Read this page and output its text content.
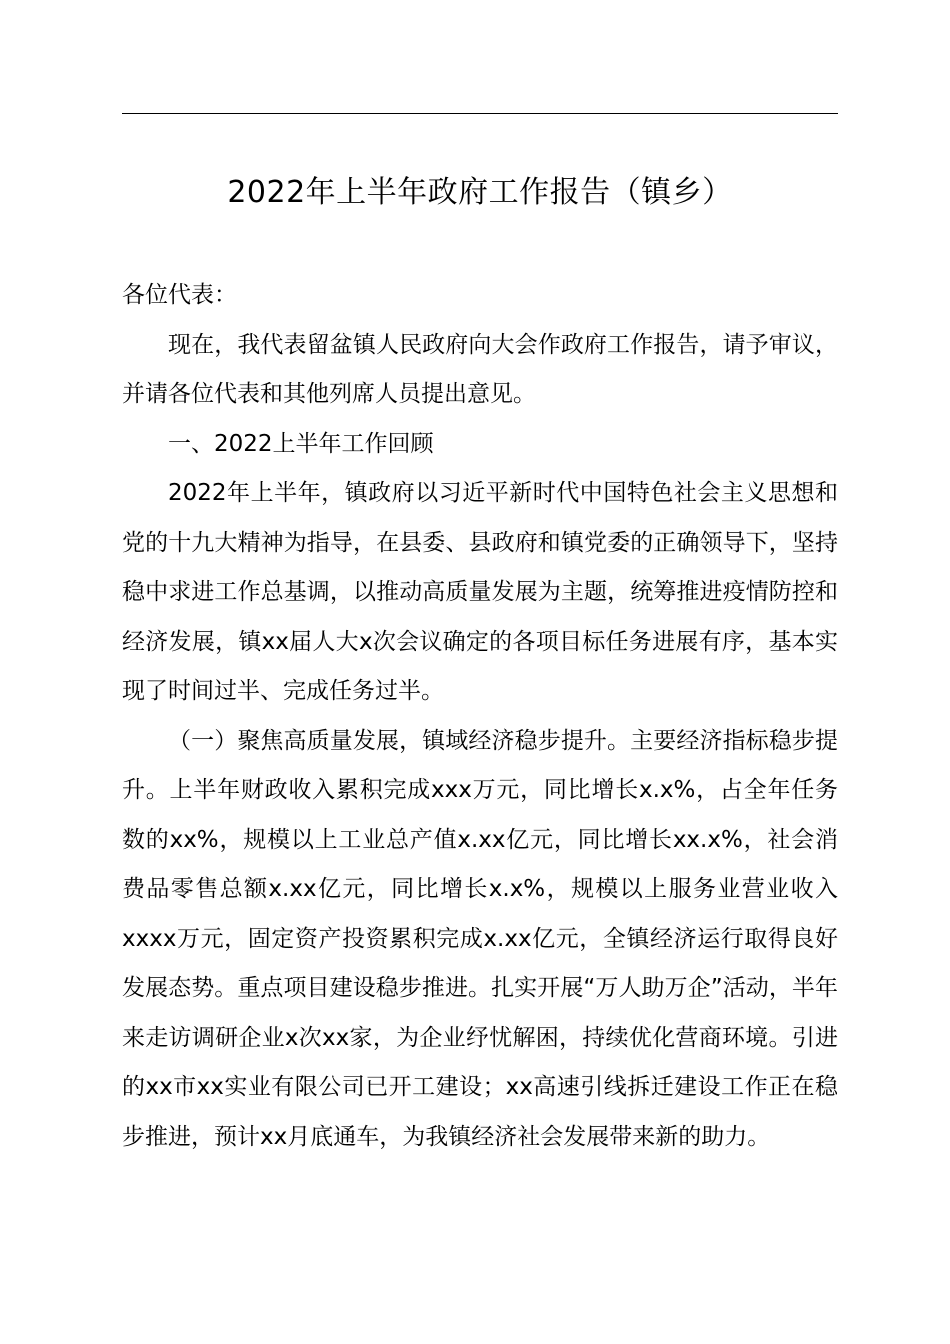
2022年上半年政府工作报告（镇乡）

各位代表：

现在，我代表留盆镇人民政府向大会作政府工作报告，请予审议，并请各位代表和其他列席人员提出意见。

一、2022上半年工作回顾

2022年上半年，镇政府以习近平新时代中国特色社会主义思想和党的十九大精神为指导，在县委、县政府和镇党委的正确领导下，坚持稳中求进工作总基调，以推动高质量发展为主题，统筹推进疫情防控和经济发展，镇xx届人大x次会议确定的各项目标任务进展有序，基本实现了时间过半、完成任务过半。

（一）聚焦高质量发展，镇域经济稳步提升。主要经济指标稳步提升。上半年财政收入累积完成xxx万元，同比增长x.x%，占全年任务数的xx%，规模以上工业总产值x.xx亿元，同比增长xx.x%，社会消费品零售总额x.xx亿元，同比增长x.x%，规模以上服务业营业收入xxxx万元，固定资产投资累积完成x.xx亿元，全镇经济运行取得良好发展态势。重点项目建设稳步推进。扎实开展“万人助万企”活动，半年来走访调研企业x次xx家，为企业纾忧解困，持续优化营商环境。引进的xx市xx实业有限公司已开工建设；xx高速引线拆迁建设工作正在稳步推进，预计xx月底通车，为我镇经济社会发展带来新的助力。
